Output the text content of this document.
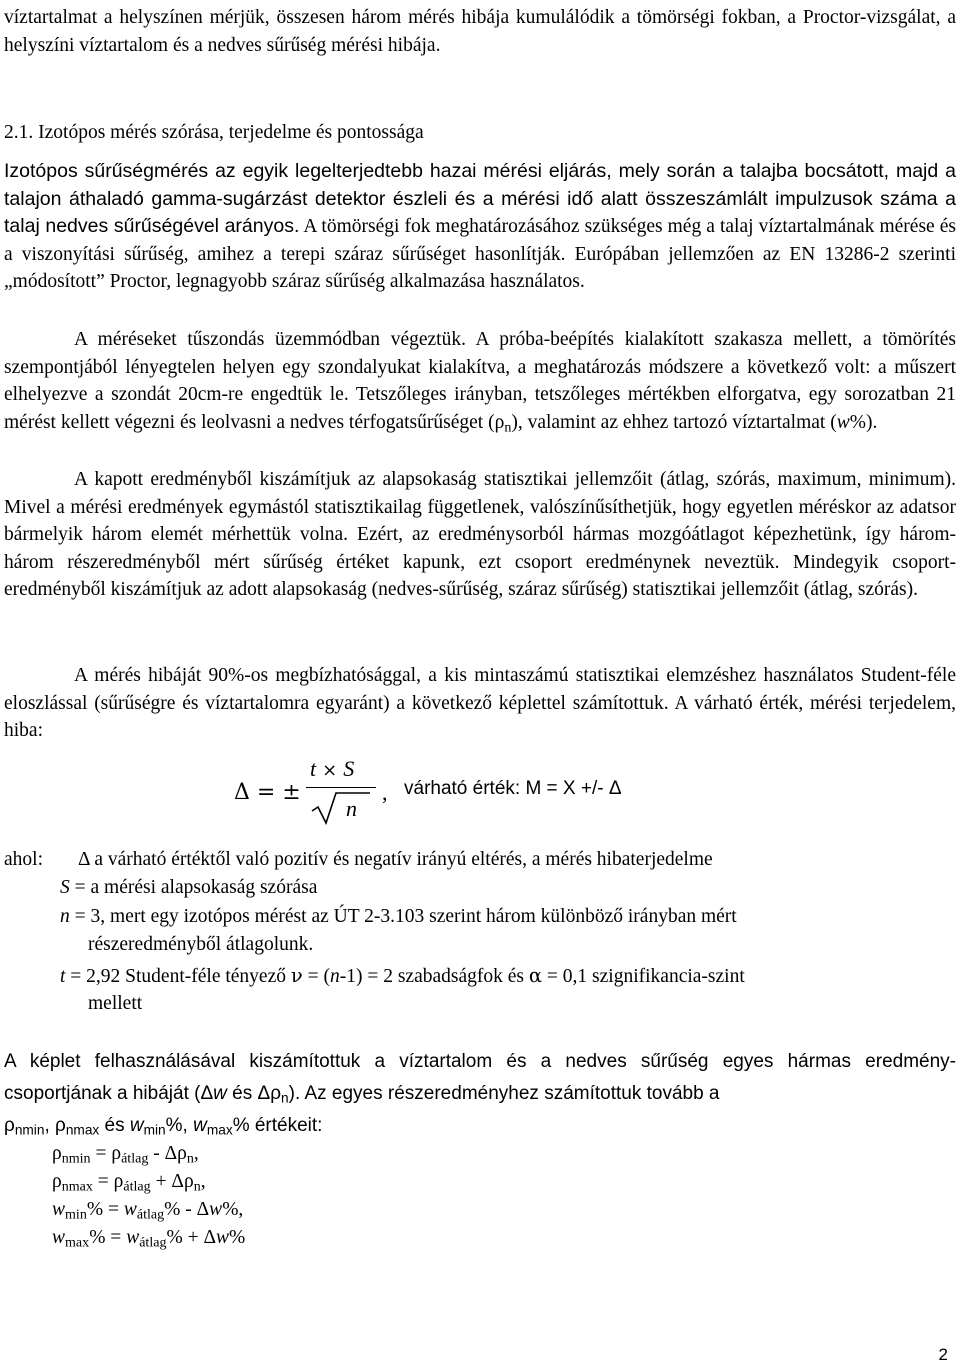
víztartalmat a helyszínen mérjük, összesen három mérés hibája kumulálódik a tömörségi fokban, a Proctor-vizsgálat, a helyszíni víztartalom és a nedves sűrűség mérési hibája.

2.1. Izotópos mérés szórása, terjedelme és pontossága

Izotópos sűrűségmérés az egyik legelterjedtebb hazai mérési eljárás, mely során a talajba bocsátott, majd a talajon áthaladó gamma-sugárzást detektor észleli és a mérési idő alatt összeszámlált impulzusok száma a talaj nedves sűrűségével arányos. A tömörségi fok meghatározásához szükséges még a talaj víztartalmának mérése és a viszonyítási sűrűség, amihez a terepi száraz sűrűséget hasonlítják. Európában jellemzően az EN 13286-2 szerinti „módosított” Proctor, legnagyobb száraz sűrűség alkalmazása használatos.

A méréseket tűszondás üzemmódban végeztük. A próba-beépítés kialakított szakasza mellett, a tömörítés szempontjából lényegtelen helyen egy szondalyukat kialakítva, a meghatározás módszere a következő volt: a műszert elhelyezve a szondát 20cm-re engedtük le. Tetszőleges irányban, tetszőleges mértékben elforgatva, egy sorozatban 21 mérést kellett végezni és leolvasni a nedves térfogatsűrűséget $(\rho_n)$, valamint az ehhez tartozó víztartalmat (w%).

A kapott eredményből kiszámítjuk az alapsokaság statisztikai jellemzőit (átlag, szórás, maximum, minimum). Mivel a mérési eredmények egymástól statisztikailag függetlenek, valószínűsíthetjük, hogy egyetlen méréskor az adatsor bármelyik három elemét mérhettük volna. Ezért, az eredménysorból hármas mozgóátlagot képezhetünk, így három-három részeredményből mért sűrűség értéket kapunk, ezt csoport eredménynek neveztük. Mindegyik csoport-eredményből kiszámítjuk az adott alapsokaság (nedves-sűrűség, száraz sűrűség) statisztikai jellemzőit (átlag, szórás).

A mérés hibáját 90%-os megbízhatósággal, a kis mintaszámú statisztikai elemzéshez használatos Student-féle eloszlással (sűrűségre és víztartalomra egyaránt) a következő képlettel számítottuk. A várható érték, mérési terjedelem, hiba:

Δ = ±
t × S
n
, várható érték: M = X +/- Δ
ahol: Δ a várható értéktől való pozitív és negatív irányú eltérés, a mérés hibaterjedelme
S = a mérési alapsokaság szórása
n = 3, mert egy izotópos mérést az ÚT 2-3.103 szerint három különböző irányban mért
részeredményből átlagolunk.
t = 2,92 Student-féle tényező ν = (n-1) = 2 szabadságfok és α = 0,1 szignifikancia-szint
mellett

A képlet felhasználásával kiszámítottuk a víztartalom és a nedves sűrűség egyes hármas eredmény-csoportjának a hibáját (Δw és $\Delta\rho_n$). Az egyes részeredményhez számítottuk tovább a
$\rho_{nmin}$, $\rho_{nmax}$ és $w_{min}\%$, $w_{max}\%$ értékeit:

$\rho_{nmin} = \rho_{átlag} - \Delta\rho_n$,
$\rho_{nmax} = \rho_{átlag} + \Delta\rho_n$,
$w_{min}\% = w_{átlag}\% - \Delta w\%$,
$w_{max}\% = w_{átlag}\% + \Delta w\%$
2
